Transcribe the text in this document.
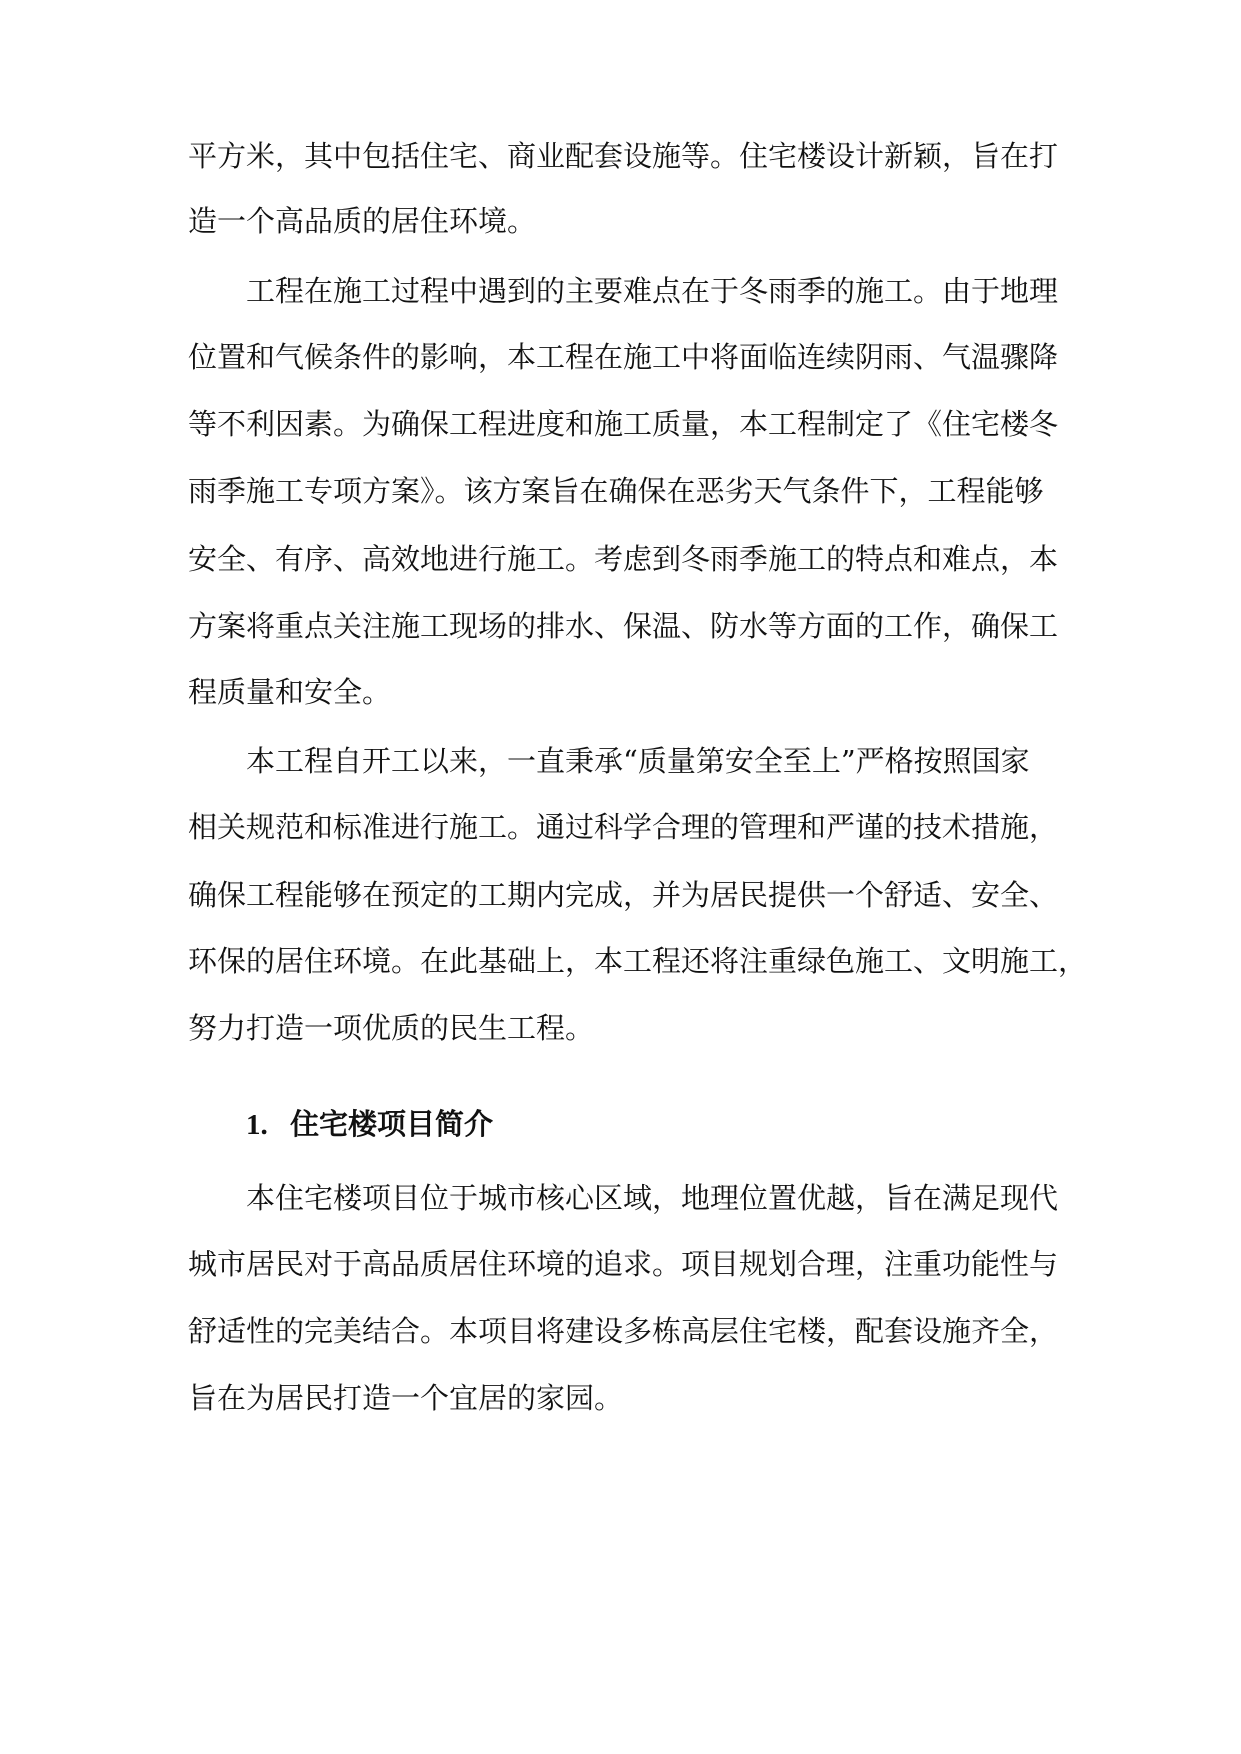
平方米，其中包括住宅、商业配套设施等。住宅楼设计新颖，旨在打
造一个高品质的居住环境。
工程在施工过程中遇到的主要难点在于冬雨季的施工。由于地理
位置和气候条件的影响，本工程在施工中将面临连续阴雨、气温骤降
等不利因素。为确保工程进度和施工质量，本工程制定了《住宅楼冬
雨季施工专项方案》。该方案旨在确保在恶劣天气条件下，工程能够
安全、有序、高效地进行施工。考虑到冬雨季施工的特点和难点，本
方案将重点关注施工现场的排水、保温、防水等方面的工作，确保工
程质量和安全。
本工程自开工以来，一直秉承“质量第安全至上”严格按照国家
相关规范和标准进行施工。通过科学合理的管理和严谨的技术措施，
确保工程能够在预定的工期内完成，并为居民提供一个舒适、安全、
环保的居住环境。在此基础上，本工程还将注重绿色施工、文明施工，
努力打造一项优质的民生工程。
1. 住宅楼项目简介
本住宅楼项目位于城市核心区域，地理位置优越，旨在满足现代
城市居民对于高品质居住环境的追求。项目规划合理，注重功能性与
舒适性的完美结合。本项目将建设多栋高层住宅楼，配套设施齐全，
旨在为居民打造一个宜居的家园。
